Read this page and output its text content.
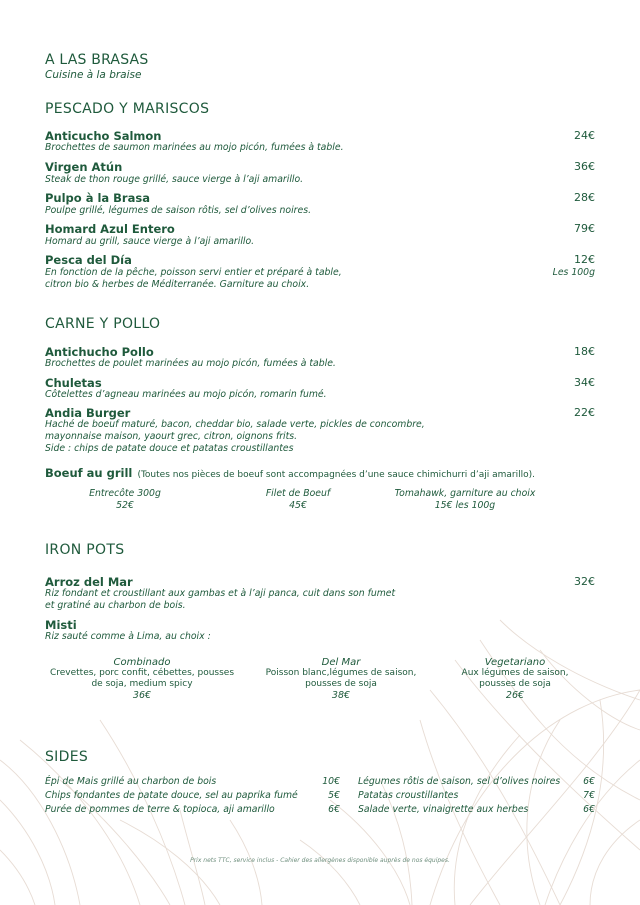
A LAS BRASAS
Cuisine à la braise
PESCADO Y MARISCOS
Anticucho Salmon
Brochettes de saumon marinées au mojo picón, fumées à table.
24€
Virgen Atún
Steak de thon rouge grillé, sauce vierge à l’aji amarillo.
36€
Pulpo à la Brasa
Poulpe grillé, légumes de saison rôtis, sel d’olives noires.
28€
Homard Azul Entero
Homard au grill, sauce vierge à l’aji amarillo.
79€
Pesca del Día
En fonction de la pêche, poisson servi entier et préparé à table,
citron bio & herbes de Méditerranée. Garniture au choix.
12€
Les 100g
CARNE Y POLLO
Antichucho Pollo
Brochettes de poulet marinées au mojo picón, fumées à table.
18€
Chuletas
Côtelettes d’agneau marinées au mojo picón, romarin fumé.
34€
Andia Burger
Haché de boeuf maturé, bacon, cheddar bio, salade verte, pickles de concombre,
mayonnaise maison, yaourt grec, citron, oignons frits.
Side : chips de patate douce et patatas croustillantes
22€
Boeuf au grill (Toutes nos pièces de boeuf sont accompagnées d’une sauce chimichurri d’aji amarillo).
Entrecôte 300g
52€
Filet de Boeuf
45€
Tomahawk, garniture au choix
15€ les 100g
IRON POTS
Arroz del Mar
Riz fondant et croustillant aux gambas et à l’aji panca, cuit dans son fumet
et gratiné au charbon de bois.
32€
Misti
Riz sauté comme à Lima, au choix :
Combinado
Crevettes, porc confit, cébettes, pousses
de soja, medium spicy
36€
Del Mar
Poisson blanc,légumes de saison,
pousses de soja
38€
Vegetariano
Aux légumes de saison,
pousses de soja
26€
SIDES
Épi de Mais grillé au charbon de bois	10€
Chips fondantes de patate douce, sel au paprika fumé	5€
Purée de pommes de terre & topioca, aji amarillo	6€
Légumes rôtis de saison, sel d’olives noires 6€
Patatas croustillantes	7€
Salade verte, vinaigrette aux herbes	6€
Prix nets TTC, service inclus - Cahier des allergènes disponible auprès de nos équipes.
